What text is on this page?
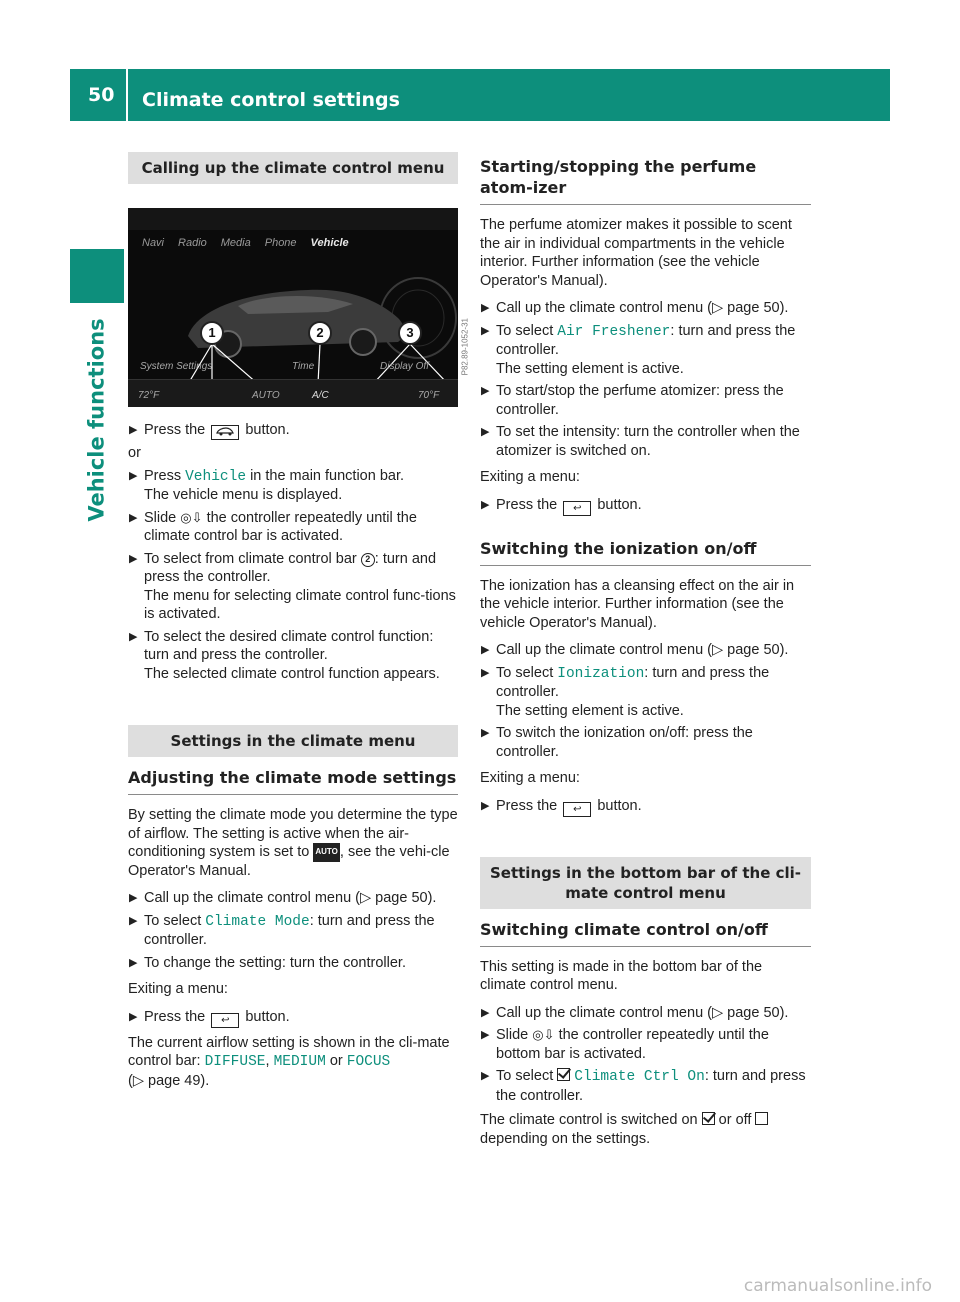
50	Climate control settings
Vehicle functions
Calling up the climate control menu
Navi Radio Media Phone Vehicle
1	2	3
System Settings	Time	Display Off
72°F	AUTO	A/C	70°F
P82.89-1052-31
▶ Press the	button.

or

▶ Press Vehicle in the main function bar.
The vehicle menu is displayed.
▶ Slide ◎⇩ the controller repeatedly until the climate control bar is activated.
▶ To select from climate control bar 2 : turn and press the controller.
The menu for selecting climate control func-tions is activated.
▶ To select the desired climate control function: turn and press the controller.
The selected climate control function appears.
Settings in the climate menu
Adjusting the climate mode settings

By setting the climate mode you determine the type of airflow. The setting is active when the air-conditioning system is set to AUTO , see the vehi-cle Operator's Manual.

▶ Call up the climate control menu (▷ page 50).
▶ To select Climate Mode: turn and press the controller.
▶ To change the setting: turn the controller.

Exiting a menu:

▶ Press the ↩ button.

The current airflow setting is shown in the cli-mate control bar: DIFFUSE, MEDIUM or FOCUS
(▷ page 49).

Starting/stopping the perfume atom-izer

The perfume atomizer makes it possible to scent the air in individual compartments in the vehicle interior. Further information (see the vehicle Operator's Manual).

▶ Call up the climate control menu (▷ page 50).
▶ To select Air Freshener: turn and press the controller.
The setting element is active.
▶ To start/stop the perfume atomizer: press the controller.
▶ To set the intensity: turn the controller when the atomizer is switched on.

Exiting a menu:

▶ Press the ↩ button.
Switching the ionization on/off

The ionization has a cleansing effect on the air in the vehicle interior. Further information (see the vehicle Operator's Manual).

▶ Call up the climate control menu (▷ page 50).
▶ To select Ionization: turn and press the controller.
The setting element is active.
▶ To switch the ionization on/off: press the controller.

Exiting a menu:

▶ Press the ↩ button.
Settings in the bottom bar of the cli-mate control menu
Switching climate control on/off

This setting is made in the bottom bar of the climate control menu.

▶ Call up the climate control menu (▷ page 50).
▶ Slide ◎⇩ the controller repeatedly until the bottom bar is activated.
▶ To select Climate Ctrl On: turn and press the controller.

The climate control is switched on or off  depending on the settings.

carmanualsonline.info
